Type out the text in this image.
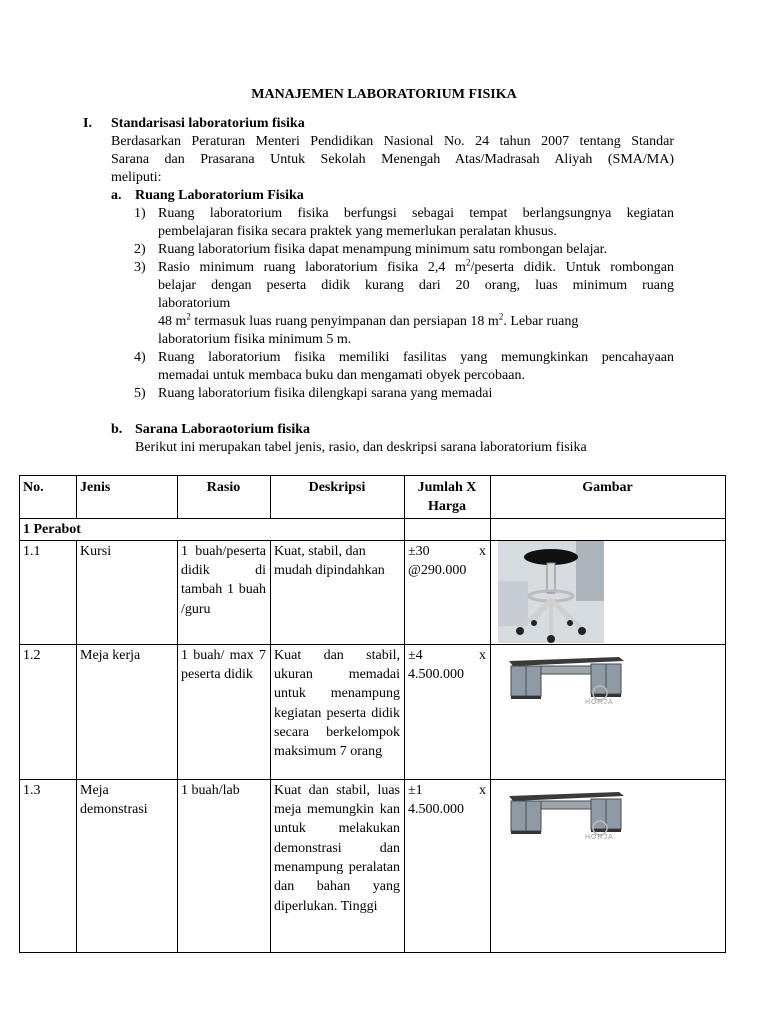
MANAJEMEN LABORATORIUM FISIKA
I. Standarisasi laboratorium fisika
Berdasarkan Peraturan Menteri Pendidikan Nasional No. 24 tahun 2007 tentang Standar
Sarana dan Prasarana Untuk Sekolah Menengah Atas/Madrasah Aliyah (SMA/MA)
meliputi:
a. Ruang Laboratorium Fisika
1) Ruang laboratorium fisika berfungsi sebagai tempat berlangsungnya kegiatan
pembelajaran fisika secara praktek yang memerlukan peralatan khusus.
2) Ruang laboratorium fisika dapat menampung minimum satu rombongan belajar.
3) Rasio minimum ruang laboratorium fisika 2,4 $m^2$/peserta didik. Untuk rombongan
belajar dengan peserta didik kurang dari 20 orang, luas minimum ruang
laboratorium
48 $m^2$ termasuk luas ruang penyimpanan dan persiapan 18 $m^2$. Lebar ruang
laboratorium fisika minimum 5 m.
4) Ruang laboratorium fisika memiliki fasilitas yang memungkinkan pencahayaan
memadai untuk membaca buku dan mengamati obyek percobaan.
5) Ruang laboratorium fisika dilengkapi sarana yang memadai
b. Sarana Laboraotorium fisika
Berikut ini merupakan tabel jenis, rasio, dan deskripsi sarana laboratorium fisika
No.	Jenis	Rasio	Deskripsi	Jumlah X Harga	Gambar
1 Perabot					
1.1	Kursi	1 buah/peserta didik di tambah 1 buah /guru	Kuat, stabil, dan mudah dipindahkan	±30 x @290.000	

1.2	Meja kerja	1 buah/ max 7 peserta didik	Kuat dan stabil, ukuran memadai untuk menampung kegiatan peserta didik secara berkelompok maksimum 7 orang	±4 x 4.500.000	HORJA

1.3	Meja demonstrasi	1 buah/lab	Kuat dan stabil, luas meja memungkin kan untuk melakukan demonstrasi dan menampung peralatan dan bahan yang diperlukan. Tinggi	±1 x 4.500.000	HORJA
